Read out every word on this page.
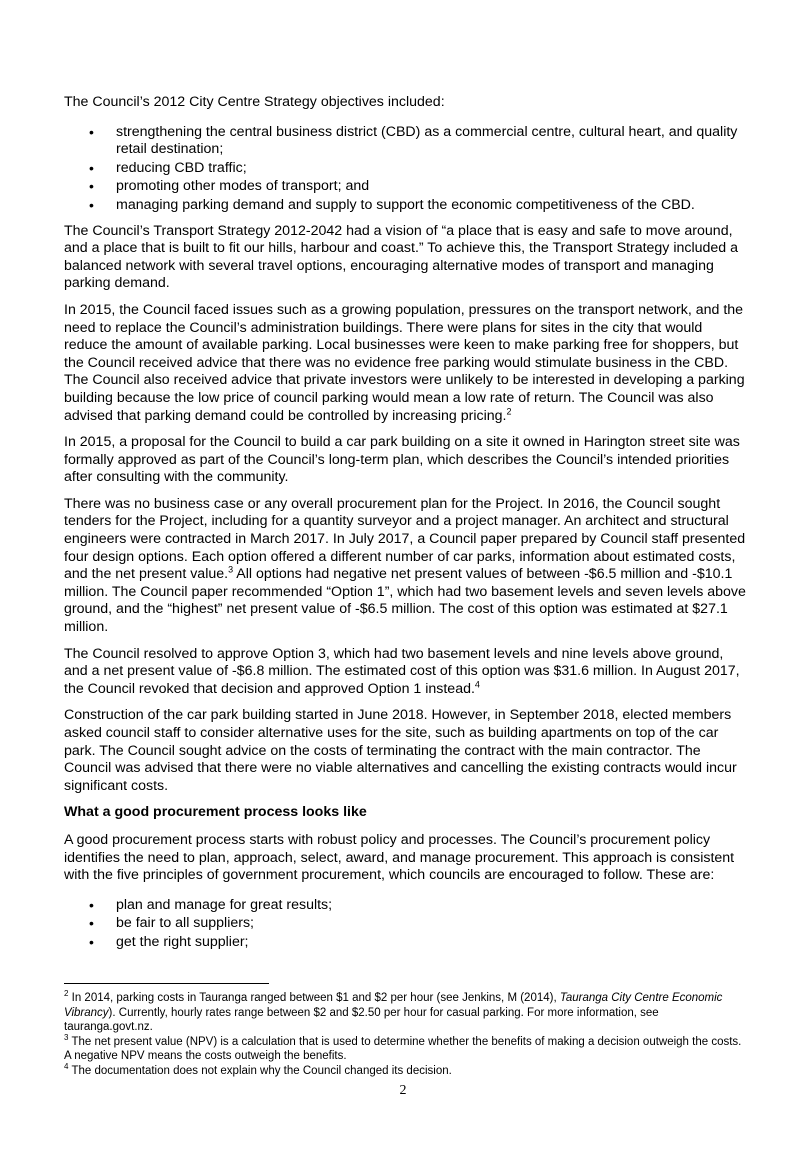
The Council’s 2012 City Centre Strategy objectives included:

• strengthening the central business district (CBD) as a commercial centre, cultural heart, and quality retail destination;
• reducing CBD traffic;
• promoting other modes of transport; and
• managing parking demand and supply to support the economic competitiveness of the CBD.

The Council’s Transport Strategy 2012-2042 had a vision of “a place that is easy and safe to move around, and a place that is built to fit our hills, harbour and coast.” To achieve this, the Transport Strategy included a balanced network with several travel options, encouraging alternative modes of transport and managing parking demand.

In 2015, the Council faced issues such as a growing population, pressures on the transport network, and the need to replace the Council’s administration buildings. There were plans for sites in the city that would reduce the amount of available parking. Local businesses were keen to make parking free for shoppers, but the Council received advice that there was no evidence free parking would stimulate business in the CBD. The Council also received advice that private investors were unlikely to be interested in developing a parking building because the low price of council parking would mean a low rate of return. The Council was also advised that parking demand could be controlled by increasing pricing.$^2$

In 2015, a proposal for the Council to build a car park building on a site it owned in Harington street site was formally approved as part of the Council’s long-term plan, which describes the Council’s intended priorities after consulting with the community.

There was no business case or any overall procurement plan for the Project. In 2016, the Council sought tenders for the Project, including for a quantity surveyor and a project manager. An architect and structural engineers were contracted in March 2017. In July 2017, a Council paper prepared by Council staff presented four design options. Each option offered a different number of car parks, information about estimated costs, and the net present value.$^3$ All options had negative net present values of between -$6.5 million and -$10.1 million. The Council paper recommended “Option 1”, which had two basement levels and seven levels above ground, and the “highest” net present value of -$6.5 million. The cost of this option was estimated at $27.1 million.

The Council resolved to approve Option 3, which had two basement levels and nine levels above ground, and a net present value of -$6.8 million. The estimated cost of this option was $31.6 million. In August 2017, the Council revoked that decision and approved Option 1 instead.$^4$

Construction of the car park building started in June 2018. However, in September 2018, elected members asked council staff to consider alternative uses for the site, such as building apartments on top of the car park. The Council sought advice on the costs of terminating the contract with the main contractor. The Council was advised that there were no viable alternatives and cancelling the existing contracts would incur significant costs.

What a good procurement process looks like

A good procurement process starts with robust policy and processes. The Council’s procurement policy identifies the need to plan, approach, select, award, and manage procurement. This approach is consistent with the five principles of government procurement, which councils are encouraged to follow. These are:

• plan and manage for great results;
• be fair to all suppliers;
• get the right supplier;

$^2$ In 2014, parking costs in Tauranga ranged between $1 and $2 per hour (see Jenkins, M (2014), Tauranga City Centre Economic Vibrancy). Currently, hourly rates range between $2 and $2.50 per hour for casual parking. For more information, see tauranga.govt.nz.

$^3$ The net present value (NPV) is a calculation that is used to determine whether the benefits of making a decision outweigh the costs. A negative NPV means the costs outweigh the benefits.

$^4$ The documentation does not explain why the Council changed its decision.

2
